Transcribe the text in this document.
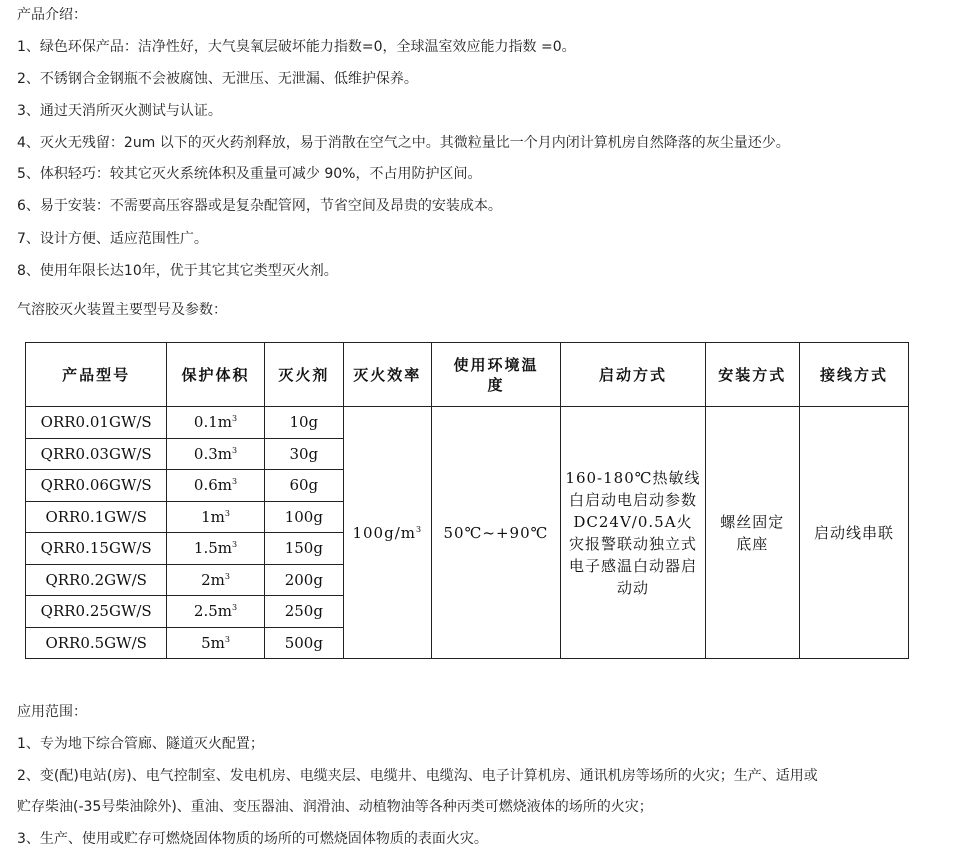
产品介绍：
1、绿色环保产品：洁净性好，大气臭氧层破坏能力指数=0，全球温室效应能力指数 =0。
2、不锈钢合金钢瓶不会被腐蚀、无泄压、无泄漏、低维护保养。
3、通过天消所灭火测试与认证。
4、灭火无残留：2um 以下的灭火药剂释放，易于消散在空气之中。其微粒量比一个月内闭计算机房自然降落的灰尘量还少。
5、体积轻巧：较其它灭火系统体积及重量可减少 90%，不占用防护区间。
6、易于安装：不需要高压容器或是复杂配管网，节省空间及昂贵的安装成本。
7、设计方便、适应范围性广。
8、使用年限长达10年，优于其它其它类型灭火剂。
气溶胶灭火装置主要型号及参数：
产品型号	保护体积	灭火剂	灭火效率	使用环境温度	启动方式	安装方式	接线方式
ORR0.01GW/S	$0.1m^3$	10g	$100g/m^3$	50℃~+90℃	160-180℃热敏线白启动电启动参数DC24V/0.5A火灾报警联动独立式电子感温白动器启动动	螺丝固定底座	启动线串联
QRR0.03GW/S	$0.3m^3$	30g					
QRR0.06GW/S	$0.6m^3$	60g					
ORR0.1GW/S	$1m^3$	100g					
QRR0.15GW/S	$1.5m^3$	150g					
QRR0.2GW/S	$2m^3$	200g					
QRR0.25GW/S	$2.5m^3$	250g					
ORR0.5GW/S	$5m^3$	500g					
应用范围：
1、专为地下综合管廊、隧道灭火配置；
2、变(配)电站(房)、电气控制室、发电机房、电缆夹层、电缆井、电缆沟、电子计算机房、通讯机房等场所的火灾；生产、适用或
贮存柴油(-35号柴油除外)、重油、变压器油、润滑油、动植物油等各种丙类可燃烧液体的场所的火灾；
3、生产、使用或贮存可燃烧固体物质的场所的可燃烧固体物质的表面火灾。
